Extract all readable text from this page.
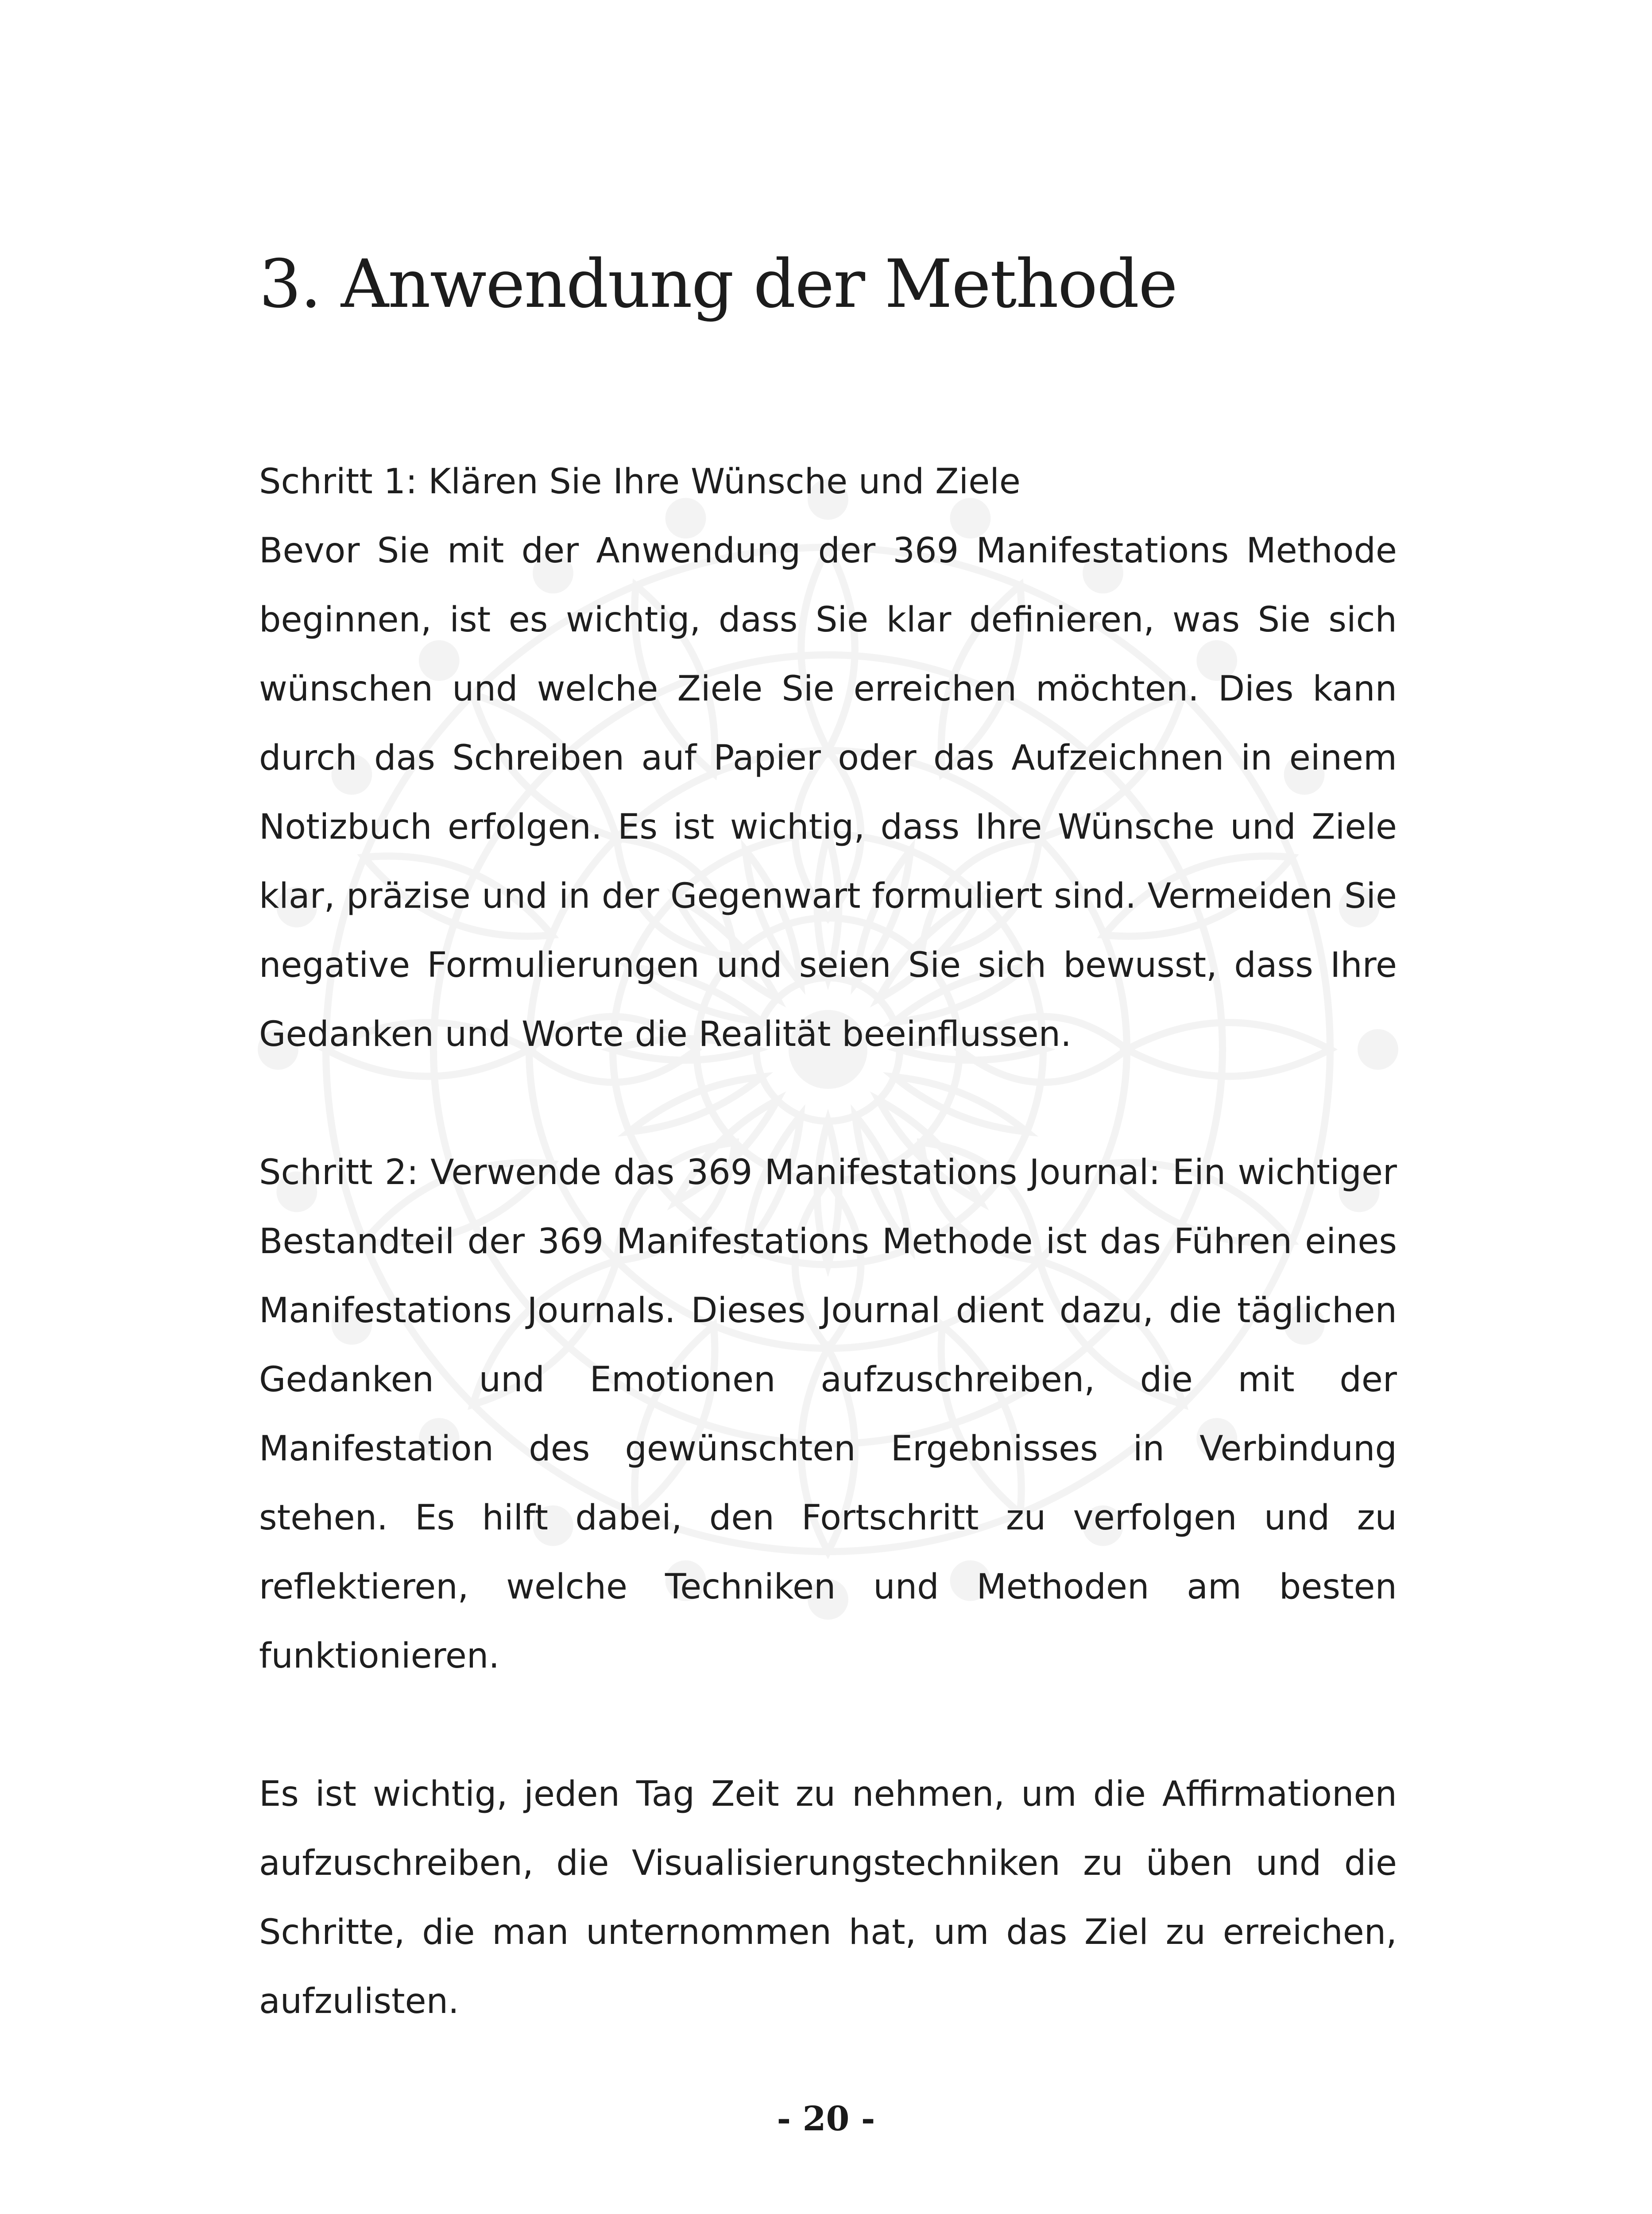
3. Anwendung der Methode

Schritt 1: Klären Sie Ihre Wünsche und Ziele
Bevor Sie mit der Anwendung der 369 Manifestations Methode beginnen, ist es wichtig, dass Sie klar definieren, was Sie sich wünschen und welche Ziele Sie erreichen möchten. Dies kann durch das Schreiben auf Papier oder das Aufzeichnen in einem Notizbuch erfolgen. Es ist wichtig, dass Ihre Wünsche und Ziele klar, präzise und in der Gegenwart formuliert sind. Vermeiden Sie negative Formulierungen und seien Sie sich bewusst, dass Ihre Gedanken und Worte die Realität beeinflussen.

Schritt 2: Verwende das 369 Manifestations Journal: Ein wichtiger Bestandteil der 369 Manifestations Methode ist das Führen eines Manifestations Journals. Dieses Journal dient dazu, die täglichen Gedanken und Emotionen aufzuschreiben, die mit der Manifestation des gewünschten Ergebnisses in Verbindung stehen. Es hilft dabei, den Fortschritt zu verfolgen und zu reflektieren, welche Techniken und Methoden am besten funktionieren.

Es ist wichtig, jeden Tag Zeit zu nehmen, um die Affirmationen aufzuschreiben, die Visualisierungstechniken zu üben und die Schritte, die man unternommen hat, um das Ziel zu erreichen, aufzulisten.

- 20 -
